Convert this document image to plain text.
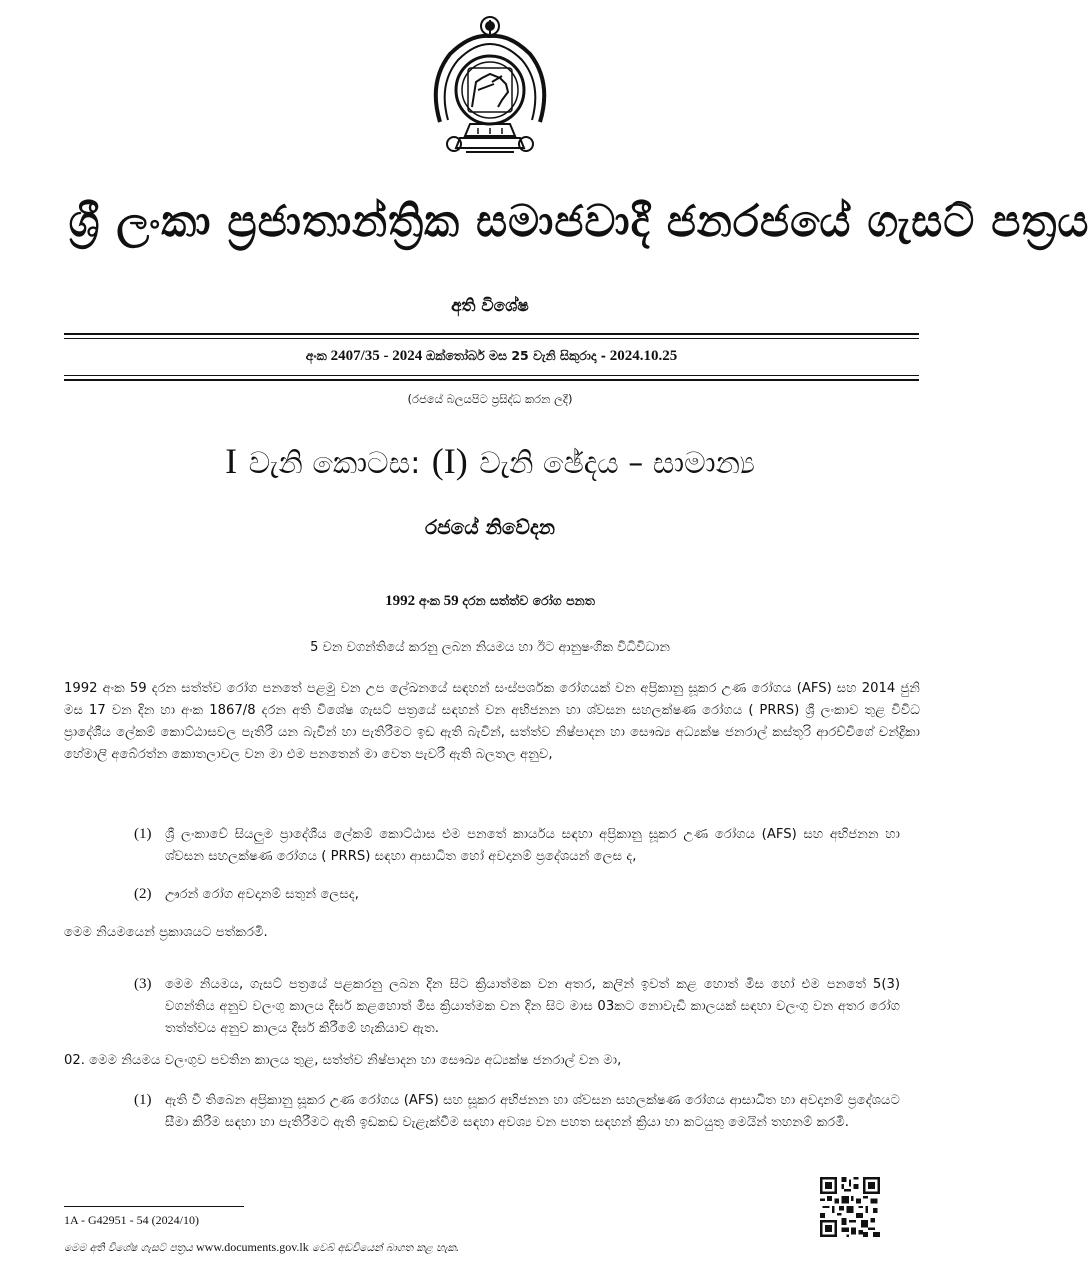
ශ්‍රී ලංකා ප්‍රජාතාන්ත්‍රික සමාජවාදී ජනරජයේ ගැසට් පත්‍රය
අති විශේෂ
අංක 2407/35 - 2024 ඔක්තෝබර් මස 25 වැනි සිකුරාදා - 2024.10.25
(රජයේ බලයපිට ප්‍රසිද්ධ කරන ලදී)
I වැනි කොටස: (I) වැනි ඡේදය – සාමාන්‍ය
රජයේ නිවේදන
1992 අංක 59 දරන සත්ත්ව රෝග පනත
5 වන වගන්තියේ කරනු ලබන නියමය හා ඊට ආනුෂංගික විධිවිධාන
1992 අංක 59 දරන සත්ත්ව රෝග පනතේ පළමු වන උප ලේඛනයේ සඳහන් සංස්පර්ශක රෝගයක් වන අප්‍රිකානු සූකර උණ රෝගය (AFS) සහ 2014 ජුනි මස 17 වන දින හා අංක 1867/8 දරන අති විශේෂ ගැසට් පත්‍රයේ සඳහන් වන අභිජනන හා ශ්වසන සහලක්ෂණ රෝගය ( PRRS) ශ්‍රී ලංකාව තුළ විවිධ ප්‍රාදේශීය ලේකම් කොට්ඨාසවල පැතිරී යන බැවින් හා පැතිරීමට ඉඩ ඇති බැවින්, සත්ත්ව නිෂ්පාදන හා සෞඛ්‍ය අධ්‍යක්ෂ ජනරාල් කස්තූරි ආරච්චිගේ චන්ද්‍රිකා හේමාලි අබේරත්න කොතලාවල වන මා එම පනතෙන් මා වෙත පැවරී ඇති බලතල අනුව,
(1) ශ්‍රී ලංකාවේ සියලුම ප්‍රාදේශීය ලේකම් කොට්ඨාස එම පනතේ කාර්යය සඳහා අප්‍රිකානු සූකර උණ රෝගය (AFS) සහ අභිජනන හා ශ්වසන සහලක්ෂණ රෝගය ( PRRS) සඳහා ආසාධිත හෝ අවදානම් ප්‍රදේශයන් ලෙස ද,
(2) ඌරන් රෝග අවදානම් සතුන් ලෙසද,
මෙම නියමයෙන් ප්‍රකාශයට පත්කරමි.
(3) මෙම නියමය, ගැසට් පත්‍රයේ පළකරනු ලබන දින සිට ක්‍රියාත්මක වන අතර, කලින් ඉවත් කළ හොත් මිස හෝ එම පනතේ 5(3) වගන්තිය අනුව වලංගු කාලය දීර්ඝ කළහොත් මිස ක්‍රියාත්මක වන දින සිට මාස 03කට නොවැඩි කාලයක් සඳහා වලංගු වන අතර රෝග තත්ත්වය අනුව කාලය දීර්ඝ කිරීමේ හැකියාව ඇත.
02. මෙම නියමය වලංගුව පවතින කාලය තුළ, සත්ත්ව නිෂ්පාදන හා සෞඛ්‍ය අධ්‍යක්ෂ ජනරාල් වන මා,
(1) ඇති වී තිබෙන අප්‍රිකානු සූකර උණ රෝගය (AFS) සහ සූකර අභිජනන හා ශ්වසන සහලක්ෂණ රෝගය ආසාධිත හා අවදානම් ප්‍රදේශයට සීමා කිරීම සඳහා හා පැතිරීමට ඇති ඉඩකඩ වැළැක්වීම සඳහා අවශ්‍ය වන පහත සඳහන් ක්‍රියා හා කටයුතු මෙයින් තහනම් කරමි.
1A - G42951 - 54 (2024/10)
මෙම අති විශේෂ ගැසට් පත්‍රය www.documents.gov.lk වෙබ් අඩවියෙන් බාගත කළ හැක.
